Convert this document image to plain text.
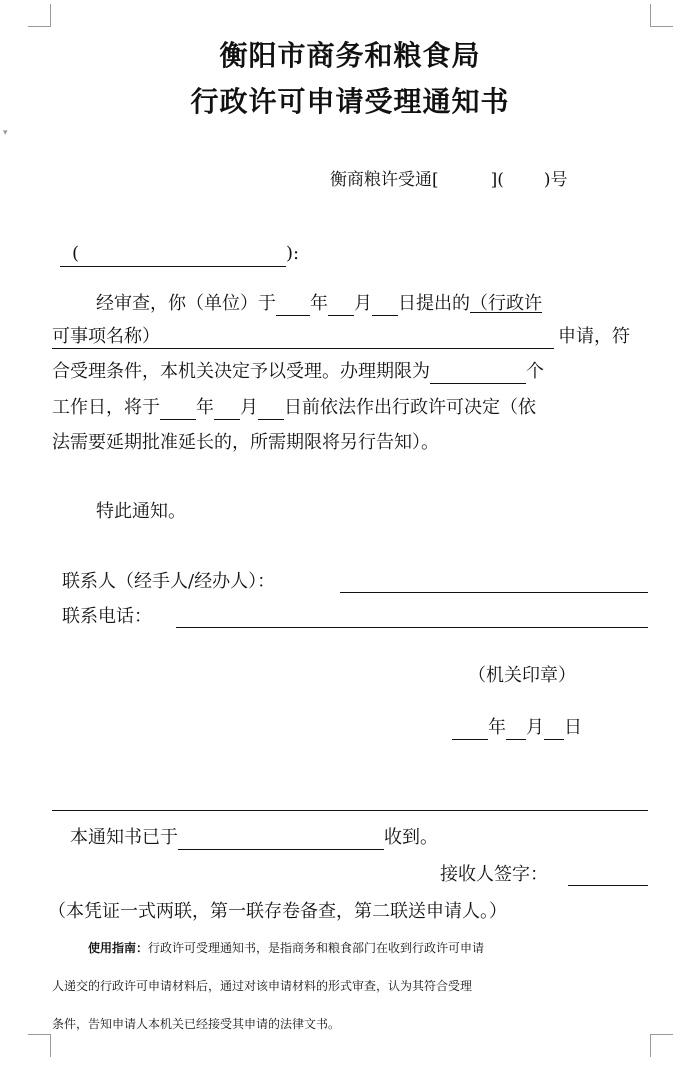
▾
衡阳市商务和粮食局
行政许可申请受理通知书
衡商粮许受通[	]( )号
(	):
经审查，你（单位）于 年 月 日提出的（行政许
可事项名称）	申请，符
合受理条件，本机关决定予以受理。办理期限为	个
工作日，将于 年 月 日前依法作出行政许可决定（依
法需要延期批准延长的，所需期限将另行告知）。
特此通知。
联系人（经手人/经办人）：
联系电话：
（机关印章）
年 月 日
本通知书已于	收到。
接收人签字：
（本凭证一式两联，第一联存卷备查，第二联送申请人。）
使用指南：行政许可受理通知书，是指商务和粮食部门在收到行政许可申请
人递交的行政许可申请材料后，通过对该申请材料的形式审查，认为其符合受理
条件，告知申请人本机关已经接受其申请的法律文书。
